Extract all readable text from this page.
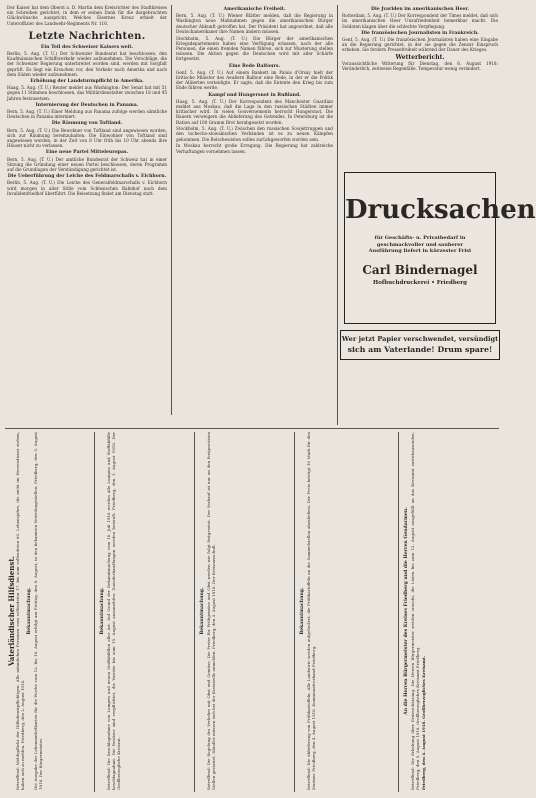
Der Kaiser hat dem Oberst a. D. Martin dem Kreisrichter des Stadtkreises ein Schreiben gerichtet, in dem er seinen Dank für die dargebrachten Glückwünsche ausspricht. Welches Eisernes Kreuz erhielt der Unteroffizier des Landwehr-Regiments Nr. 116.

Letzte Nachrichten.
Ein Teil des Schweizer Kaisers weit.

Berlin, 5. Aug. (T. U.) Der Schweizer Bundesrat hat beschlossen, den Kaufmännischen Schiffsverkehr wieder aufzunehmen. Die Vorschläge, die der Schweizer Regierung unterbreitet worden sind, werden mit Sorgfalt geprüft. Es liegt ein Ersuchen vor, den Verkehr nach Amerika und nach dem Süden wieder aufzunehmen.

Erhöhung der Landsturmpflicht in Amerika.

Haag, 5. Aug. (T. U.) Reuter meldet aus Washington: Der Senat hat mit 51 gegen 11 Stimmen beschlossen, das Militärdienstalter zwischen 18 und 45 Jahren festzusetzen.

Internierung der Deutschen in Panama.

Bern, 5. Aug. (T. U.) Einer Meldung aus Panama zufolge werden sämtliche Deutschen in Panama interniert.

Die Räumung von Toftland.

Bern, 5. Aug. (T. U.) Die Bewohner von Toftland sind angewiesen worden, sich zur Räumung bereitzuhalten. Die Einwohner von Toftland sind angewiesen worden, in der Zeit von 8 Uhr früh bis 10 Uhr abends ihre Häuser nicht zu verlassen.

Eine neue Partei Mitteleuropas.

Bern, 5. Aug. (T. U.) Der amtliche Bundesrat der Schweiz hat in einer Sitzung die Gründung einer neuen Partei beschlossen, deren Programm auf die Grundlagen der Verständigung gerichtet ist.

Die Ueberführung der Leiche des Feldmarschalls v. Eichhorn.

Berlin, 5. Aug. (T. U.) Die Leiche des Generalfeldmarschalls v. Eichhorn wird morgen in aller Stille vom Schlesischen Bahnhof nach dem Invalidenfriedhof überführt. Die Beisetzung findet am Dienstag statt.

Amerikanische Freiheit.

Bern, 5. Aug. (T. U.) Wiener Blätter melden, daß die Regierung in Washington neue Maßnahmen gegen die amerikanischen Bürger deutscher Abkunft getroffen hat. Der Präsident hat angeordnet, daß alle Deutschamerikaner ihre Namen ändern müssen.

Stockholm, 5. Aug. (T. U.) Die Bürger der amerikanischen Kriegsdepartements haben eine Verfügung erlassen, nach der alle Personen, die einen fremden Namen führen, sich zur Musterung stellen müssen. Die Aktion gegen die Deutschen wird mit aller Schärfe fortgesetzt.

Eine Rede Balfours.

Genf, 5. Aug. (T. U.) Auf einem Bankett im Palais d'Orsay hielt der britische Minister des Aeußern Balfour eine Rede, in der er die Politik der Alliierten verteidigte. Er sagte, daß die Entente den Krieg bis zum Ende führen werde.

Kampf und Hungersnot in Rußland.

Haag, 5. Aug. (T. U.) Der Korrespondent des Manchester Guardian meldet aus Moskau, daß die Lage in den russischen Städten immer kritischer wird. In vielen Gouvernements herrscht Hungersnot. Die Bauern verweigern die Ablieferung des Getreides. In Petersburg ist die Ration auf 100 Gramm Brot herabgesetzt worden.

Stockholm, 5. Aug. (T. U.) Zwischen den russischen Sowjettruppen und den tschecho-slowakischen Verbänden ist es zu neuen Kämpfen gekommen. Die Bolschewisten sollen zurückgeworfen worden sein.

In Moskau herrscht große Erregung. Die Regierung hat zahlreiche Verhaftungen vornehmen lassen.

Die Jvariden im amerikanischen Heer.

Rotterdam, 5. Aug. (T. U.) Der Korrespondent der Times meldet, daß sich im amerikanischen Heer Unzufriedenheit bemerkbar macht. Die Soldaten klagen über die schlechte Verpflegung.

Die französischen Journalisten in Frankreich.

Genf, 5. Aug. (T. U.) Die französischen Journalisten haben eine Eingabe an die Regierung gerichtet, in der sie gegen die Zensur Einspruch erheben. Sie fordern Pressefreiheit während der Dauer des Krieges.

Wetterbericht.

Voraussichtliche Witterung für Dienstag, den 6. August 1918: Veränderlich, zeitweise Regenfälle. Temperatur wenig verändert.

Drucksachen
für Geschäfts- u. Privatbedarf in geschmackvoller und sauberer Ausführung liefert in kürzester Frist
Carl Bindernagel
Hofbuchdruckerei • Friedberg
Wer jetzt Papier verschwendet, versündigt
sich am Vaterlande! Drum spare!
Vaterländischer Hilfsdienst. Betreffend: Meldepflicht der Hilfsdienstpflichtigen. Alle männlichen Personen vom vollendeten 17. bis zum vollendeten 60. Lebensjahre, die nicht im Heeresdienst stehen, haben sich zu melden. Friedberg, den 2. August 1918.

Bekanntmachung. Die Ausgabe der Lebensmittelkarten für die Woche vom 12. bis 18. August erfolgt am Freitag, den 9. August, in den bekannten Verteilungsstellen. Friedberg, den 5. August 1918. Der Bürgermeister.

Bekanntmachung. Betreffend: Die Beschlagnahme von Lumpen und neuen Stoffabfällen aller Art. Auf Grund der Bekanntmachung vom 10. Juli 1918 werden alle Lumpen und Stoffabfälle beschlagnahmt. Die Besitzer sind verpflichtet, die Vorräte bis zum 15. August anzumelden. Zuwiderhandlungen werden bestraft. Friedberg, den 1. August 1918. Der Großherzogliche Kreisrat.

Bekanntmachung. Betreffend: Die Regelung des Verkehrs mit Obst und Gemüse. Die Preise für Frühgemüse und Obst werden wie folgt festgesetzt. Der Verkauf ist nur an den festgesetzten Stellen gestattet. Händler müssen sich bei der Kreisstelle anmelden. Friedberg, den 3. August 1918. Der Kreisausschuß.	Bekanntmachung. Betreffend: Die Ablieferung von Frühkartoffeln. Alle Landwirte werden aufgefordert, die Frühkartoffeln an die Sammelstellen abzuliefern. Der Preis beträgt 10 Mark für den Zentner. Friedberg, den 4. August 1918. Kommunalverband Friedberg.

An die Herren Bürgermeister des Kreises Friedberg und die Herren Gendarmen. Betreffend: Die Erhebung über Ernteschätzung. Die Herren Bürgermeister werden ersucht, die Listen bis zum 12. August ausgefüllt an das Kreisamt zurückzusenden. Friedberg, den 5. August 1918. Großherzogliches Kreisamt Friedberg. Friedberg, den 4. August 1918. Großherzogliches Kreisamt.
